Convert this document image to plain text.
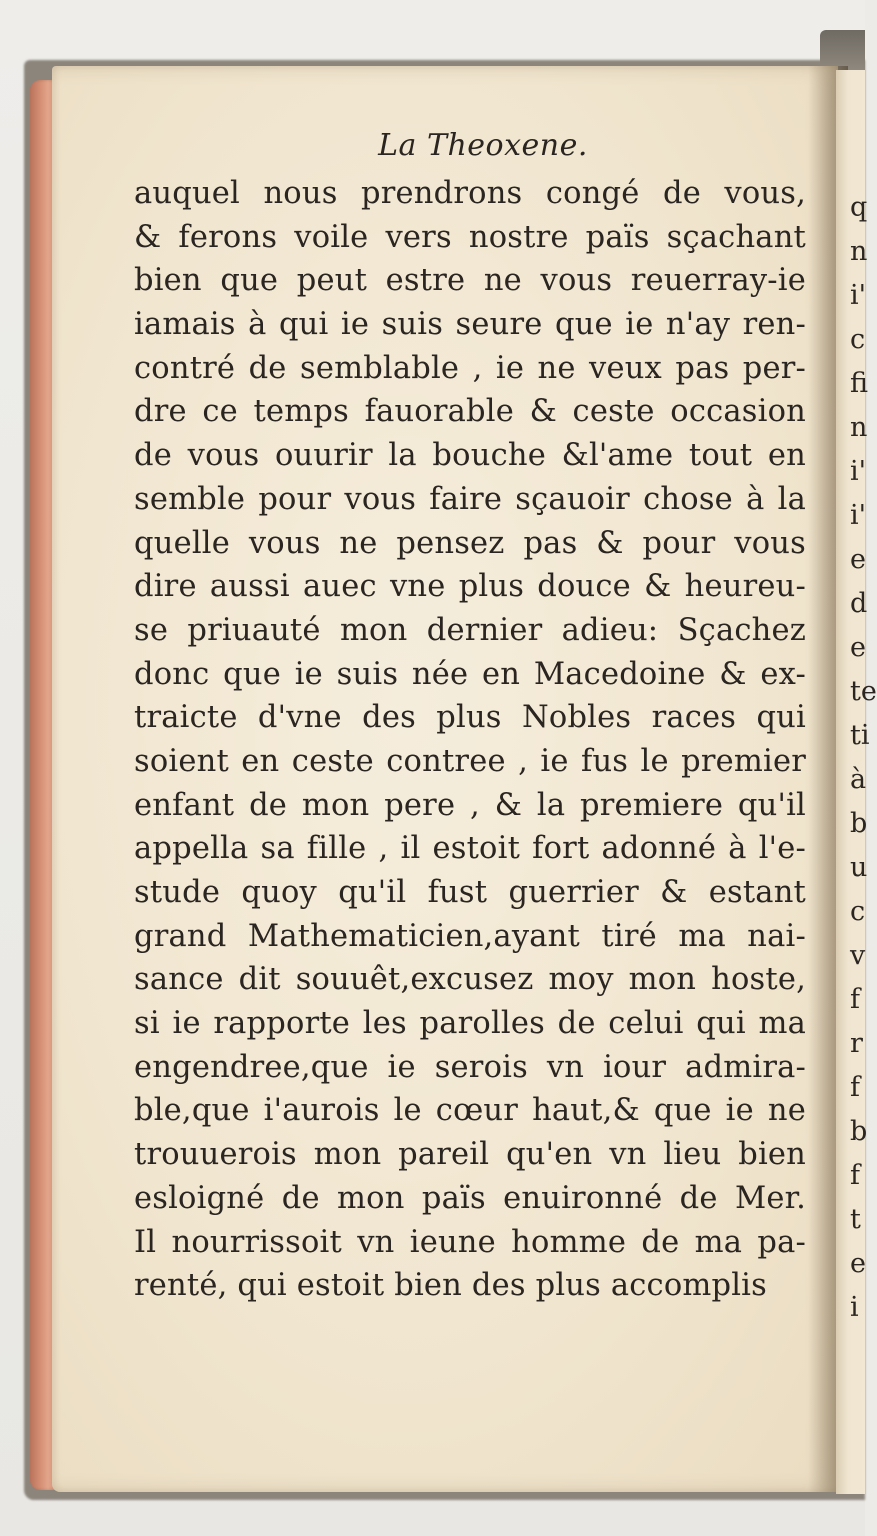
q
n
i'
c
fi
n
i'
i'
e
d
e
te
ti
à
b
u
c
v
f
r
f
b
f
t
e
i
La Theoxene.
auquel nous prendrons congé de vous,
& ferons voile vers nostre païs sçachant
bien que peut estre ne vous reuerray-ie
iamais à qui ie suis seure que ie n'ay ren-
contré de semblable , ie ne veux pas per-
dre ce temps fauorable & ceste occasion
de vous ouurir la bouche &l'ame tout en
semble pour vous faire sçauoir chose à la
quelle vous ne pensez pas & pour vous
dire aussi auec vne plus douce & heureu-
se priuauté mon dernier adieu: Sçachez
donc que ie suis née en Macedoine & ex-
traicte d'vne des plus Nobles races qui
soient en ceste contree , ie fus le premier
enfant de mon pere , & la premiere qu'il
appella sa fille , il estoit fort adonné à l'e-
stude quoy qu'il fust guerrier & estant
grand Mathematicien,ayant tiré ma nai-
sance dit souuêt,excusez moy mon hoste,
si ie rapporte les parolles de celui qui ma
engendree,que ie serois vn iour admira-
ble,que i'aurois le cœur haut,& que ie ne
trouuerois mon pareil qu'en vn lieu bien
esloigné de mon païs enuironné de Mer.
Il nourrissoit vn ieune homme de ma pa-
renté, qui estoit bien des plus accomplis
